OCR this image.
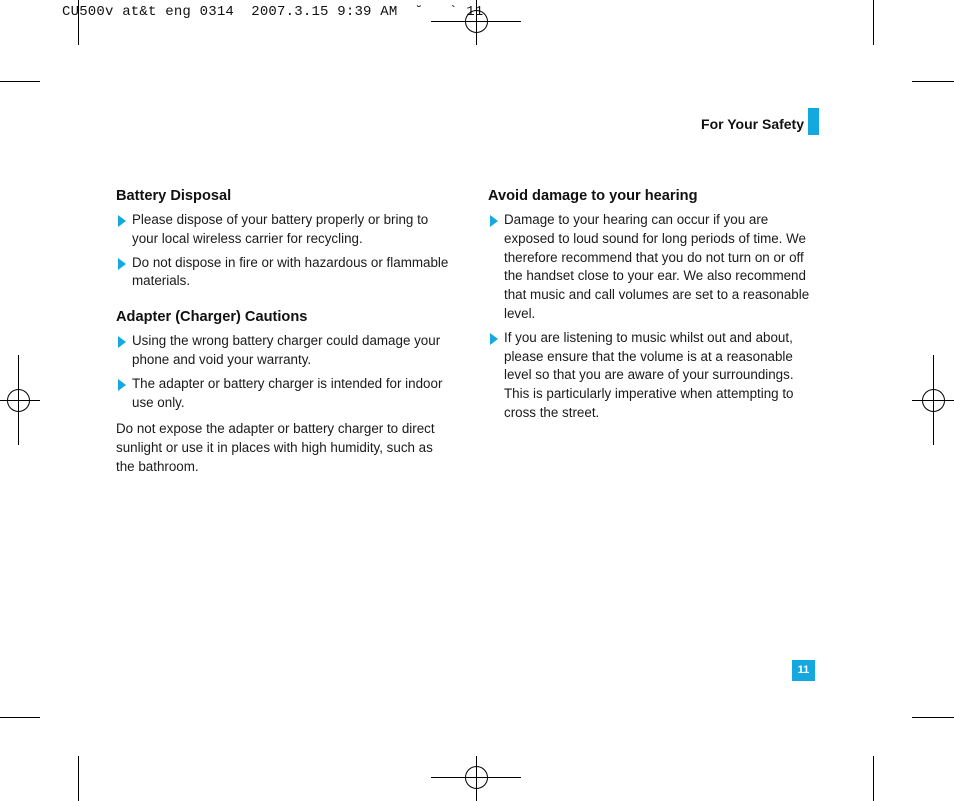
CU500v at&t eng 0314  2007.3.15 9:39 AM  ˘   ` 11
For Your Safety
Battery Disposal
Please dispose of your battery properly or bring to your local wireless carrier for recycling.
Do not dispose in fire or with hazardous or flammable materials.
Adapter (Charger) Cautions
Using the wrong battery charger could damage your phone and void your warranty.
The adapter or battery charger is intended for indoor use only.

Do not expose the adapter or battery charger to direct sunlight or use it in places with high humidity, such as the bathroom.

Avoid damage to your hearing
Damage to your hearing can occur if you are exposed to loud sound for long periods of time. We therefore recommend that you do not turn on or off the handset close to your ear. We also recommend that music and call volumes are set to a reasonable level.
If you are listening to music whilst out and about, please ensure that the volume is at a reasonable level so that you are aware of your surroundings. This is particularly imperative when attempting to cross the street.
11
